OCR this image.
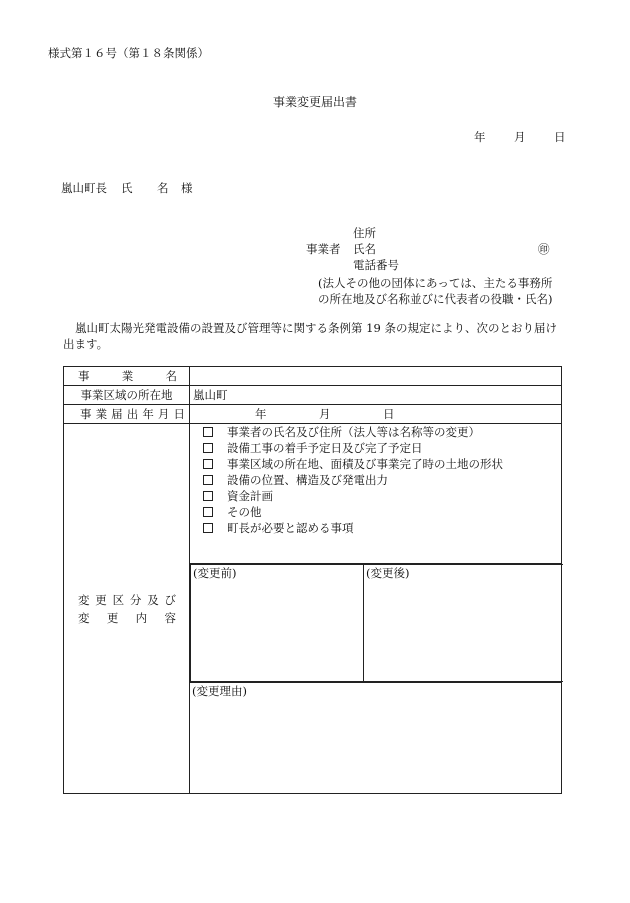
様式第１６号（第１８条関係）
事業変更届出書
年 月 日
嵐山町長 氏 名 様
住所
事業者 氏名	㊞
電話番号
(法人その他の団体にあっては、主たる事務所
の所在地及び名称並びに代表者の役職・氏名)
嵐山町太陽光発電設備の設置及び管理等に関する条例第 19 条の規定により、次のとおり届け出ます。
事	業	名

事業区域の所在地	嵐山町

事 業 届 出 年 月 日	年	月	日

変 更 区 分 及 び
変 更 内 容

事業者の氏名及び住所（法人等は名称等の変更）
設備工事の着手予定日及び完了予定日
事業区域の所在地、面積及び事業完了時の土地の形状
設備の位置、構造及び発電出力
資金計画
その他
町長が必要と認める事項

(変更前)	(変更後)

(変更理由)
